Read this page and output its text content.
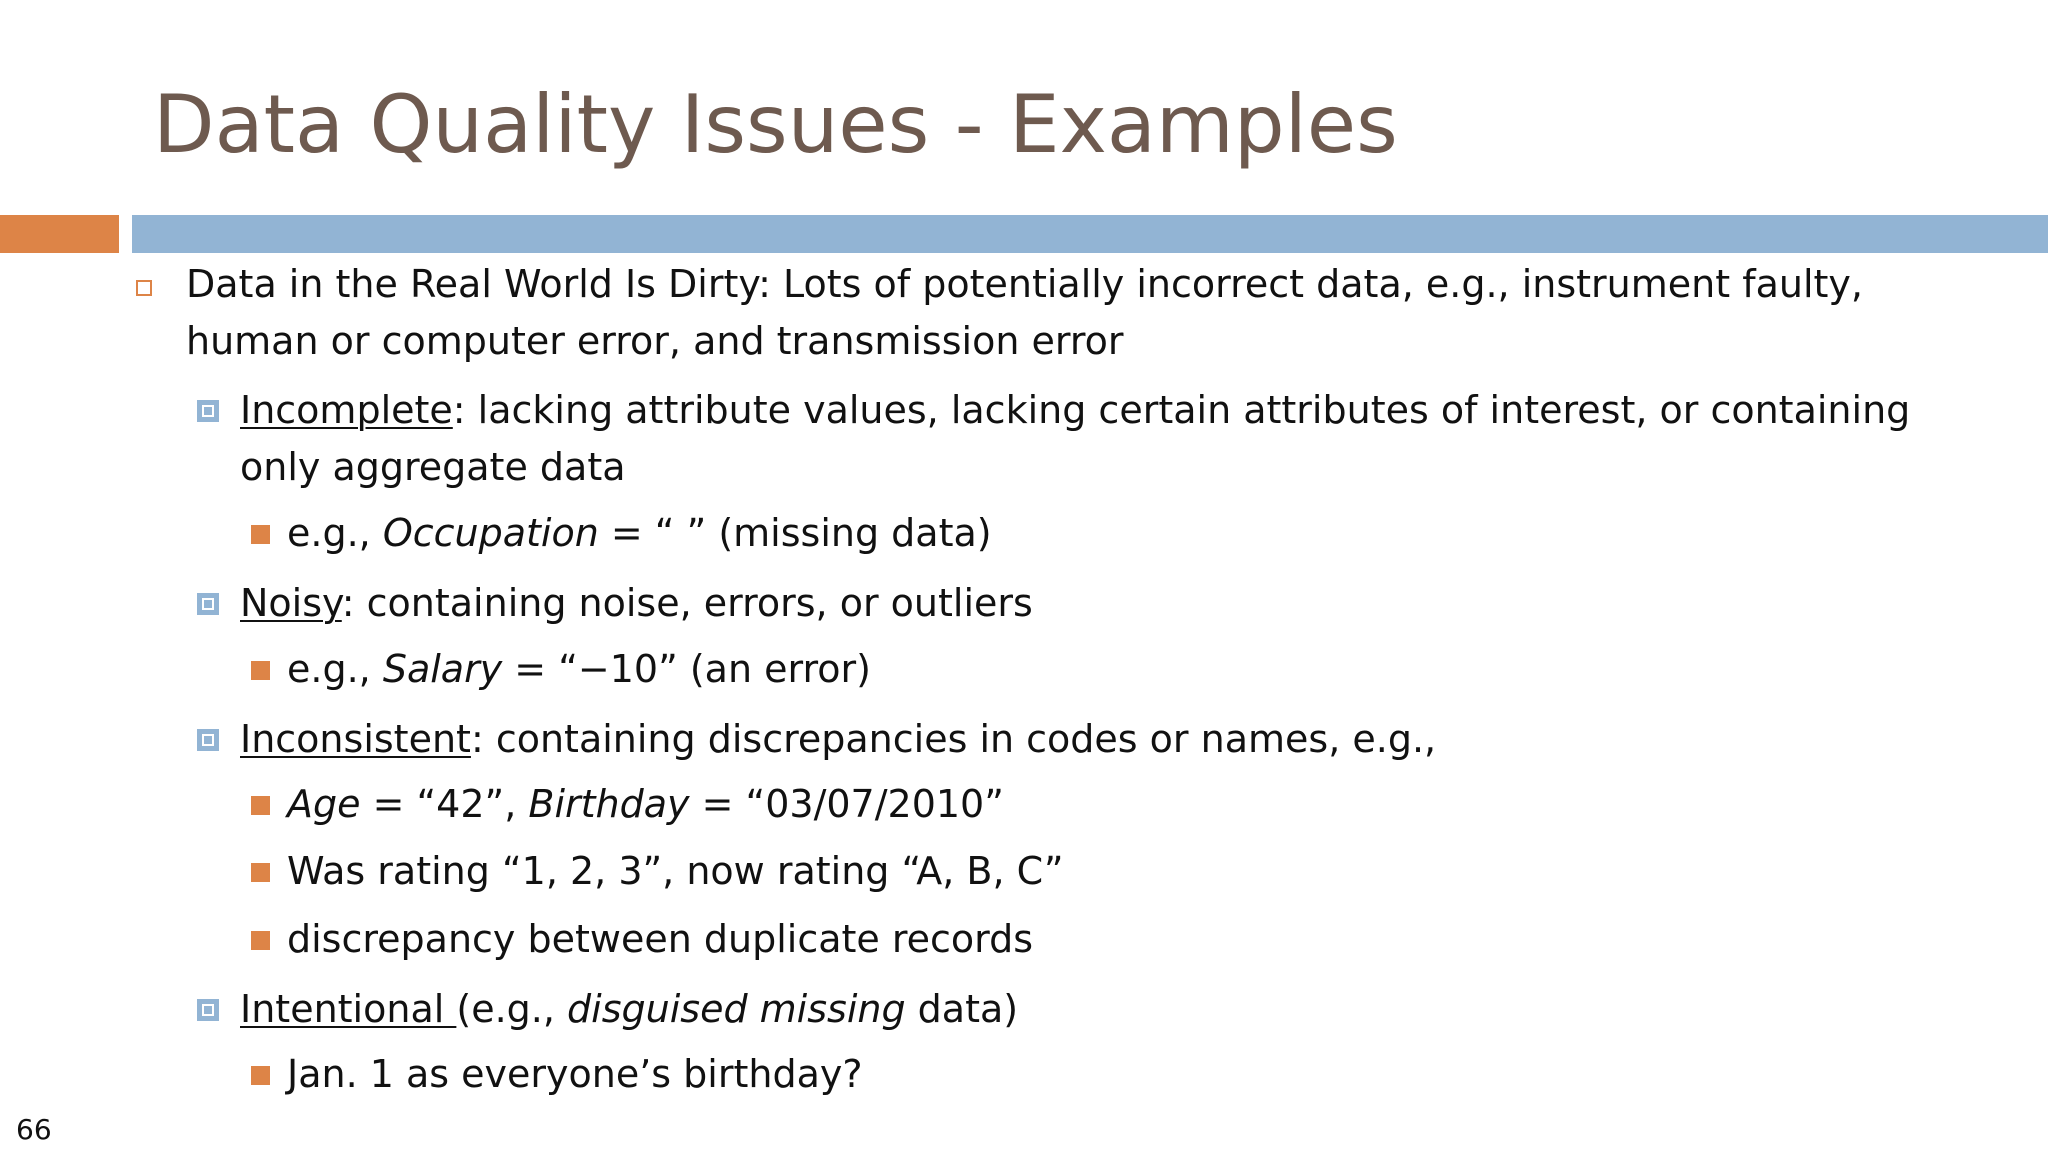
Data Quality Issues - Examples
Data in the Real World Is Dirty: Lots of potentially incorrect data, e.g., instrument faulty,
human or computer error, and transmission error
Incomplete: lacking attribute values, lacking certain attributes of interest, or containing
only aggregate data
e.g., Occupation = “ ” (missing data)
Noisy: containing noise, errors, or outliers
e.g., Salary = “−10” (an error)
Inconsistent: containing discrepancies in codes or names, e.g.,
Age = “42”, Birthday = “03/07/2010”
Was rating “1, 2, 3”, now rating “A, B, C”
discrepancy between duplicate records
Intentional (e.g., disguised missing data)
Jan. 1 as everyone’s birthday?
66
